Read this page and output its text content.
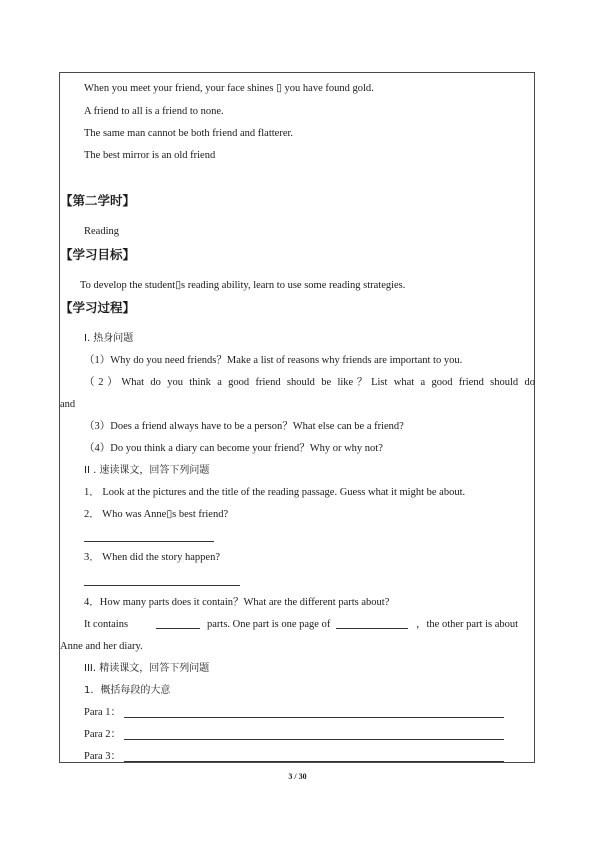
When you meet your friend, your face shines ▯ you have found gold.
A friend to all is a friend to none.
The same man cannot be both friend and flatterer.
The best mirror is an old friend
【第二学时】
Reading
【学习目标】
To develop the student▯s reading ability, learn to use some reading strategies.
【学习过程】
I. 热身问题
（1）Why do you need friends？Make a list of reasons why friends are important to you.
（2）What do you think a good friend should be like？List what a good friend should do
and
（3）Does a friend always have to be a person？What else can be a friend?
（4）Do you think a diary can become your friend？Why or why not?
II . 速读课文，回答下列问题
1． Look at the pictures and the title of the reading passage. Guess what it might be about.
2． Who was Anne▯s best friend?
3． When did the story happen?
4．How many parts does it contain？What are the different parts about?
It contains	parts. One part is one page of	，the other part is about
Anne and her diary.
III. 精读课文，回答下列问题
1．概括每段的大意
Para 1：
Para 2：
Para 3：
3 / 30
